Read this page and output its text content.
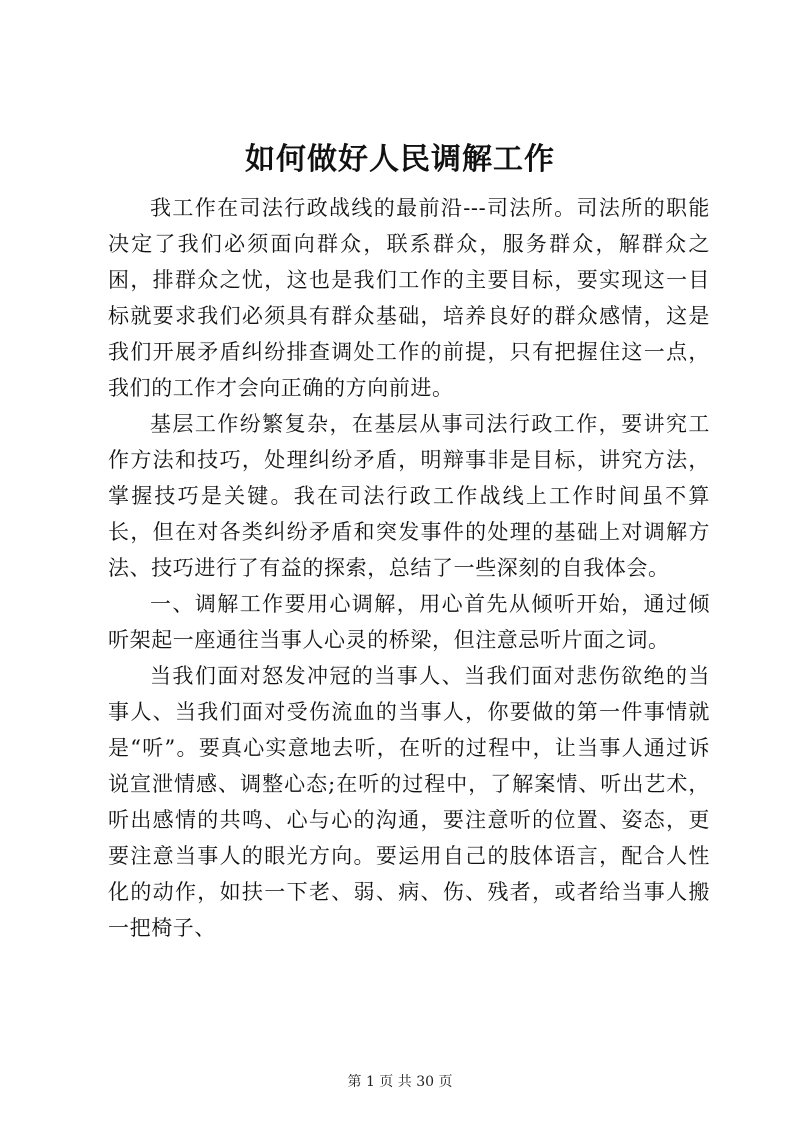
如何做好人民调解工作

我工作在司法行政战线的最前沿---司法所。司法所的职能决定了我们必须面向群众，联系群众，服务群众，解群众之困，排群众之忧，这也是我们工作的主要目标，要实现这一目标就要求我们必须具有群众基础，培养良好的群众感情，这是我们开展矛盾纠纷排查调处工作的前提，只有把握住这一点，我们的工作才会向正确的方向前进。

基层工作纷繁复杂，在基层从事司法行政工作，要讲究工作方法和技巧，处理纠纷矛盾，明辩事非是目标，讲究方法，掌握技巧是关键。我在司法行政工作战线上工作时间虽不算长，但在对各类纠纷矛盾和突发事件的处理的基础上对调解方法、技巧进行了有益的探索，总结了一些深刻的自我体会。

一、调解工作要用心调解，用心首先从倾听开始，通过倾听架起一座通往当事人心灵的桥梁，但注意忌听片面之词。

当我们面对怒发冲冠的当事人、当我们面对悲伤欲绝的当事人、当我们面对受伤流血的当事人，你要做的第一件事情就是“听”。要真心实意地去听，在听的过程中，让当事人通过诉说宣泄情感、调整心态;在听的过程中，了解案情、听出艺术，听出感情的共鸣、心与心的沟通，要注意听的位置、姿态，更要注意当事人的眼光方向。要运用自己的肢体语言，配合人性化的动作，如扶一下老、弱、病、伤、残者，或者给当事人搬一把椅子、

第 1 页 共 30 页
